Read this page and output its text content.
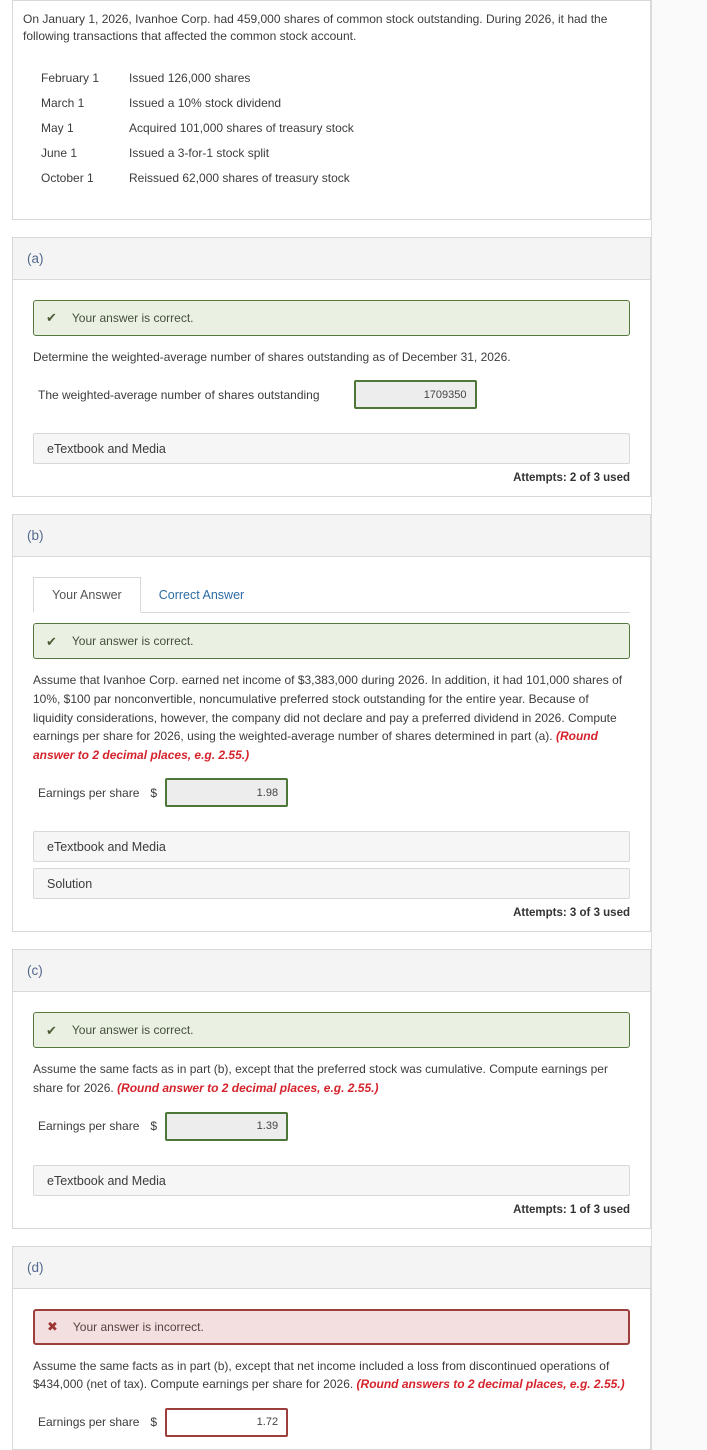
On January 1, 2026, Ivanhoe Corp. had 459,000 shares of common stock outstanding. During 2026, it had the following transactions that affected the common stock account.

February 1	Issued 126,000 shares
March 1	Issued a 10% stock dividend
May 1	Acquired 101,000 shares of treasury stock
June 1	Issued a 3-for-1 stock split
October 1	Reissued 62,000 shares of treasury stock
(a)
✔ Your answer is correct.

Determine the weighted-average number of shares outstanding as of December 31, 2026.

The weighted-average number of shares outstanding
1709350
eTextbook and Media
Attempts: 2 of 3 used
(b)
Your Answer	Correct Answer
✔ Your answer is correct.

Assume that Ivanhoe Corp. earned net income of $3,383,000 during 2026. In addition, it had 101,000 shares of 10%, $100 par nonconvertible, noncumulative preferred stock outstanding for the entire year. Because of liquidity considerations, however, the company did not declare and pay a preferred dividend in 2026. Compute earnings per share for 2026, using the weighted-average number of shares determined in part (a). (Round answer to 2 decimal places, e.g. 2.55.)

Earnings per share $
1.98
eTextbook and Media
Solution
Attempts: 3 of 3 used
(c)
✔ Your answer is correct.

Assume the same facts as in part (b), except that the preferred stock was cumulative. Compute earnings per share for 2026. (Round answer to 2 decimal places, e.g. 2.55.)

Earnings per share $
1.39
eTextbook and Media
Attempts: 1 of 3 used
(d)
✖ Your answer is incorrect.

Assume the same facts as in part (b), except that net income included a loss from discontinued operations of $434,000 (net of tax). Compute earnings per share for 2026. (Round answers to 2 decimal places, e.g. 2.55.)

Earnings per share $
1.72
